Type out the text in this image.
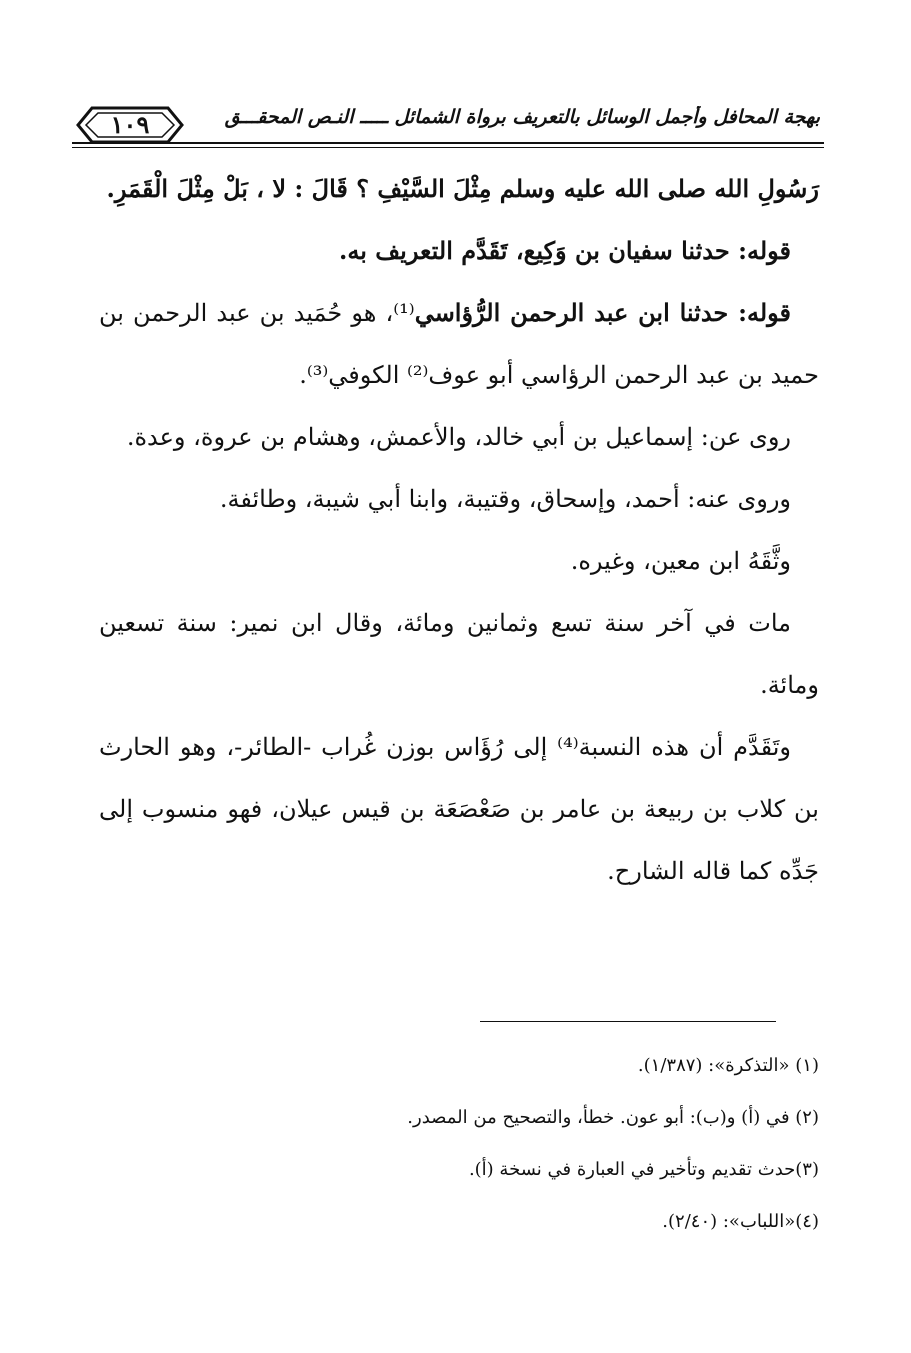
١٠٩	بهجة المحافل وأجمل الوسائل بالتعريف برواة الشمائل ـــــ النـص المحقـــق

رَسُولِ الله صلى الله عليه وسلم مِثْلَ السَّيْفِ ؟ قَالَ : لا ، بَلْ مِثْلَ الْقَمَرِ.

قوله: حدثنا سفيان بن وَكِيع، تَقَدَّم التعريف به.

قوله: حدثنا ابن عبد الرحمن الرُّؤاسي⁽¹⁾، هو حُمَيد بن عبد الرحمن بن حميد بن عبد الرحمن الرؤاسي أبو عوف⁽²⁾ الكوفي⁽³⁾.

روى عن: إسماعيل بن أبي خالد، والأعمش، وهشام بن عروة، وعدة.

وروى عنه: أحمد، وإسحاق، وقتيبة، وابنا أبي شيبة، وطائفة.

وثَّقَهُ ابن معين، وغيره.

مات في آخر سنة تسع وثمانين ومائة، وقال ابن نمير: سنة تسعين ومائة.

وتَقَدَّم أن هذه النسبة⁽⁴⁾ إلى رُؤَاس بوزن غُراب -الطائر-، وهو الحارث بن كلاب بن ربيعة بن عامر بن صَعْصَعَة بن قيس عيلان، فهو منسوب إلى جَدِّه كما قاله الشارح.

(١) «التذكرة»: (١/٣٨٧).
(٢) في (أ) و(ب): أبو عون. خطأ، والتصحيح من المصدر.
(٣)حدث تقديم وتأخير في العبارة في نسخة (أ).
(٤)«اللباب»: (٢/٤٠).
